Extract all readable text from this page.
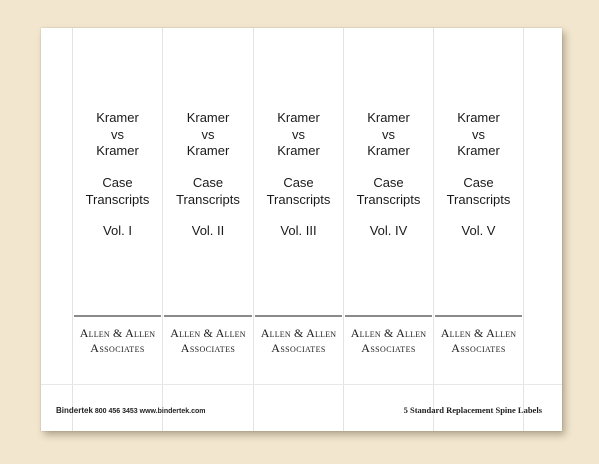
Kramer
vs
Kramer
Case
Transcripts
Vol. I
Allen & Allen
Associates
Kramer
vs
Kramer
Case
Transcripts
Vol. II
Allen & Allen
Associates
Kramer
vs
Kramer
Case
Transcripts
Vol. III
Allen & Allen
Associates
Kramer
vs
Kramer
Case
Transcripts
Vol. IV
Allen & Allen
Associates
Kramer
vs
Kramer
Case
Transcripts
Vol. V
Allen & Allen
Associates
Bindertek 800 456 3453 www.bindertek.com	5 Standard Replacement Spine Labels
